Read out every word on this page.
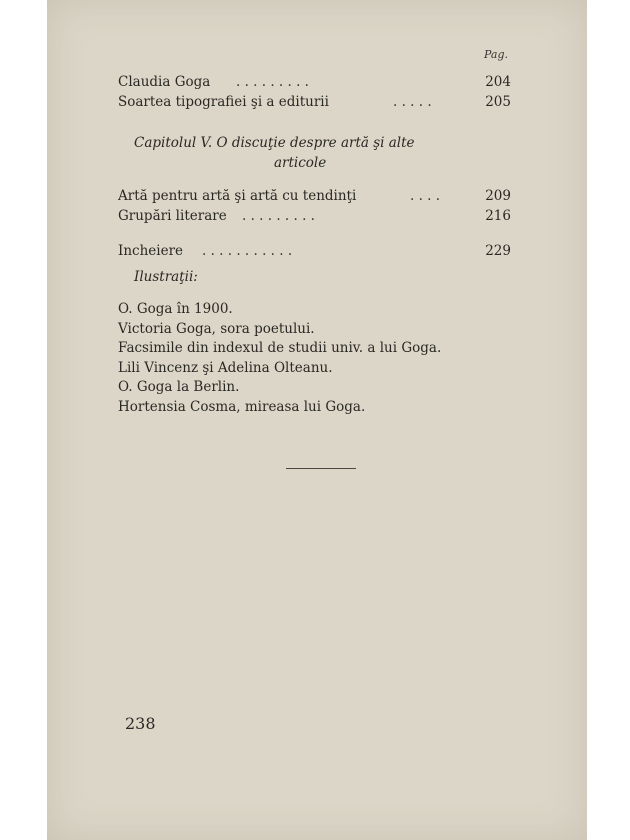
Pag.
Claudia Goga . . . . . . . . .	204
Soartea tipografiei şi a editurii	. . . . .	205
Capitolul V. O discuţie despre artă şi alte
articole
Artă pentru artă şi artă cu tendinţi	. . . .	209
Grupări literare . . . . . . . . .	216
Incheiere . . . . . . . . . . .	229
Ilustraţii:
O. Goga în 1900.
Victoria Goga, sora poetului.
Facsimile din indexul de studii univ. a lui Goga.
Lili Vincenz şi Adelina Olteanu.
O. Goga la Berlin.
Hortensia Cosma, mireasa lui Goga.
238
